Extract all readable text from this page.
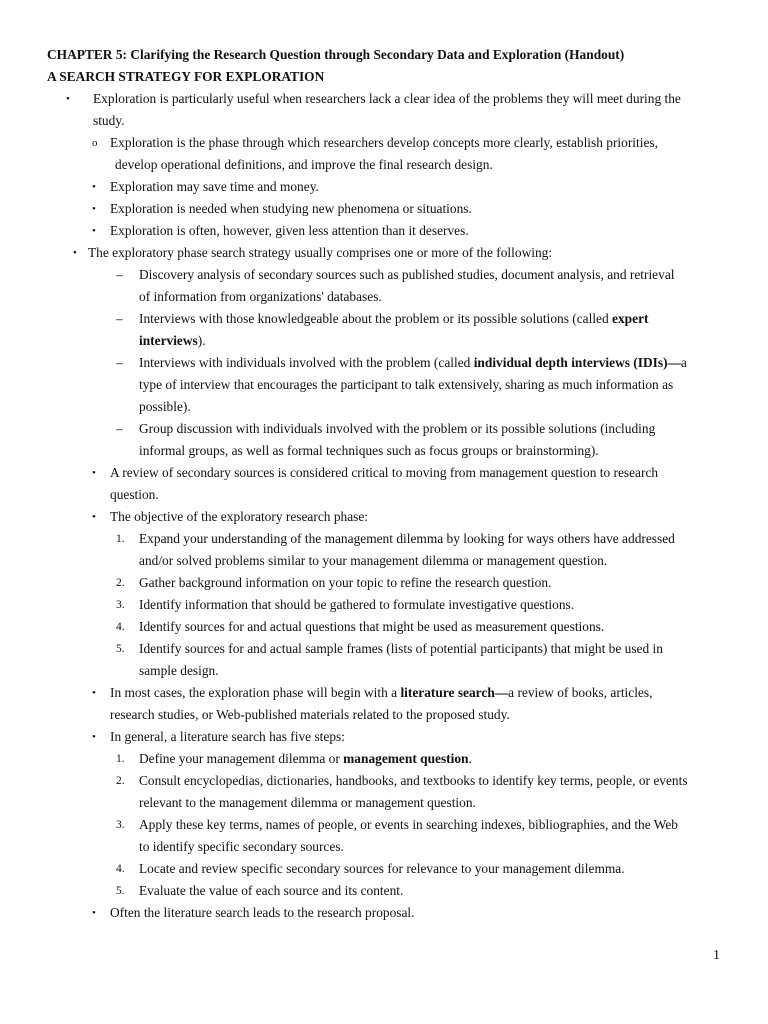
CHAPTER 5: Clarifying the Research Question through Secondary Data and Exploration (Handout)
A SEARCH STRATEGY FOR EXPLORATION
• Exploration is particularly useful when researchers lack a clear idea of the problems they will meet during the
study.
o Exploration is the phase through which researchers develop concepts more clearly, establish priorities,
develop operational definitions, and improve the final research design.
• Exploration may save time and money.
• Exploration is needed when studying new phenomena or situations.
• Exploration is often, however, given less attention than it deserves.
• The exploratory phase search strategy usually comprises one or more of the following:
– Discovery analysis of secondary sources such as published studies, document analysis, and retrieval
of information from organizations' databases.
– Interviews with those knowledgeable about the problem or its possible solutions (called expert
interviews).
– Interviews with individuals involved with the problem (called individual depth interviews (IDIs)—a
type of interview that encourages the participant to talk extensively, sharing as much information as
possible).
– Group discussion with individuals involved with the problem or its possible solutions (including
informal groups, as well as formal techniques such as focus groups or brainstorming).
• A review of secondary sources is considered critical to moving from management question to research
question.
• The objective of the exploratory research phase:
1. Expand your understanding of the management dilemma by looking for ways others have addressed
and/or solved problems similar to your management dilemma or management question.
2. Gather background information on your topic to refine the research question.
3. Identify information that should be gathered to formulate investigative questions.
4. Identify sources for and actual questions that might be used as measurement questions.
5. Identify sources for and actual sample frames (lists of potential participants) that might be used in
sample design.
• In most cases, the exploration phase will begin with a literature search—a review of books, articles,
research studies, or Web-published materials related to the proposed study.
• In general, a literature search has five steps:
1. Define your management dilemma or management question.
2. Consult encyclopedias, dictionaries, handbooks, and textbooks to identify key terms, people, or events
relevant to the management dilemma or management question.
3. Apply these key terms, names of people, or events in searching indexes, bibliographies, and the Web
to identify specific secondary sources.
4. Locate and review specific secondary sources for relevance to your management dilemma.
5. Evaluate the value of each source and its content.
• Often the literature search leads to the research proposal.
1
